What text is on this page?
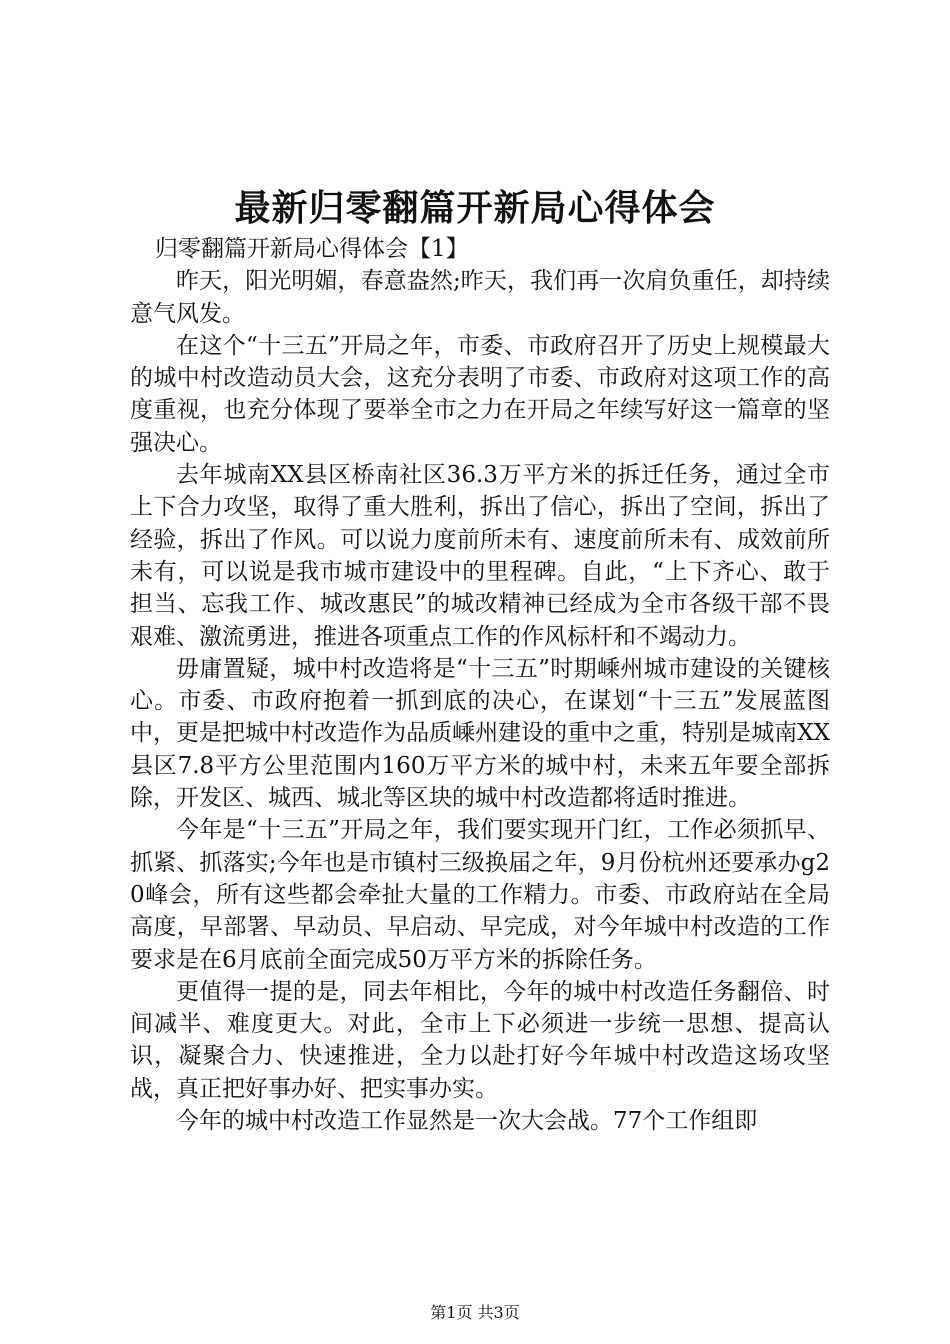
最新归零翻篇开新局心得体会

归零翻篇开新局心得体会【1】

昨天，阳光明媚，春意盎然;昨天，我们再一次肩负重任，却持续意气风发。

在这个“十三五”开局之年，市委、市政府召开了历史上规模最大的城中村改造动员大会，这充分表明了市委、市政府对这项工作的高度重视，也充分体现了要举全市之力在开局之年续写好这一篇章的坚强决心。

去年城南XX县区桥南社区36.3万平方米的拆迁任务，通过全市上下合力攻坚，取得了重大胜利，拆出了信心，拆出了空间，拆出了经验，拆出了作风。可以说力度前所未有、速度前所未有、成效前所未有，可以说是我市城市建设中的里程碑。自此，“上下齐心、敢于担当、忘我工作、城改惠民”的城改精神已经成为全市各级干部不畏艰难、激流勇进，推进各项重点工作的作风标杆和不竭动力。

毋庸置疑，城中村改造将是“十三五”时期嵊州城市建设的关键核心。市委、市政府抱着一抓到底的决心，在谋划“十三五”发展蓝图中，更是把城中村改造作为品质嵊州建设的重中之重，特别是城南XX县区7.8平方公里范围内160万平方米的城中村，未来五年要全部拆除，开发区、城西、城北等区块的城中村改造都将适时推进。

今年是“十三五”开局之年，我们要实现开门红，工作必须抓早、抓紧、抓落实;今年也是市镇村三级换届之年，9月份杭州还要承办g20峰会，所有这些都会牵扯大量的工作精力。市委、市政府站在全局高度，早部署、早动员、早启动、早完成，对今年城中村改造的工作要求是在6月底前全面完成50万平方米的拆除任务。

更值得一提的是，同去年相比，今年的城中村改造任务翻倍、时间减半、难度更大。对此，全市上下必须进一步统一思想、提高认识，凝聚合力、快速推进，全力以赴打好今年城中村改造这场攻坚战，真正把好事办好、把实事办实。

今年的城中村改造工作显然是一次大会战。77个工作组即

第1页 共3页
